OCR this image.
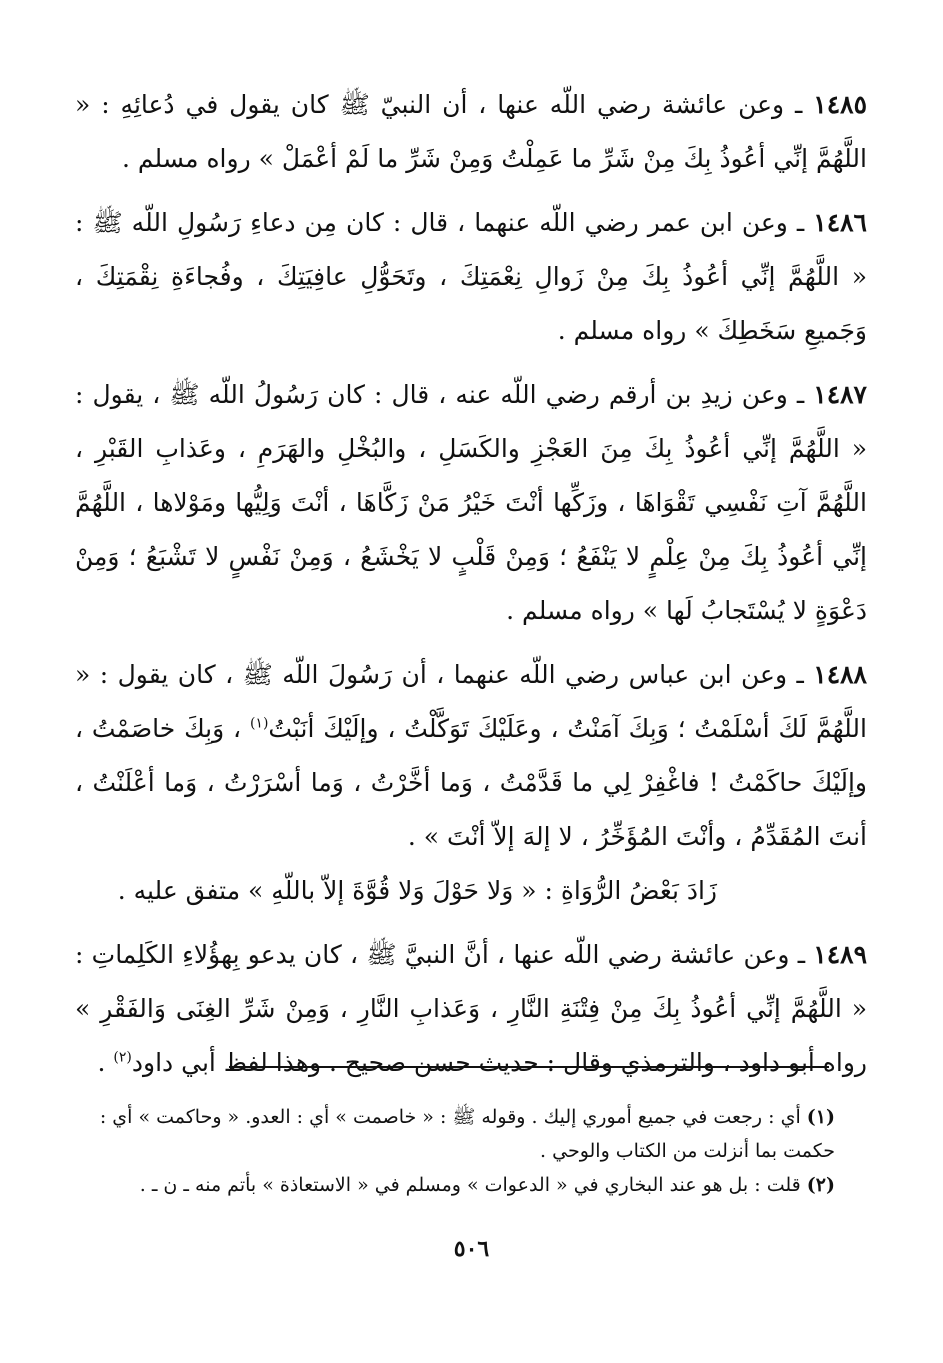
١٤٨٥ ـ وعن عائشة رضي اللّه عنها ، أن النبيّ ﷺ كان يقول في دُعائِهِ : « اللَّهُمَّ إنِّي أعُوذُ بِكَ مِنْ شَرِّ ما عَمِلْتُ وَمِنْ شَرِّ ما لَمْ أعْمَلْ » رواه مسلم .

١٤٨٦ ـ وعن ابن عمر رضي اللّه عنهما ، قال : كان مِن دعاءِ رَسُولِ اللّه ﷺ : « اللَّهُمَّ إنِّي أعُوذُ بِكَ مِنْ زَوالِ نِعْمَتِكَ ، وتَحَوُّلِ عافِيَتِكَ ، وفُجاءَةِ نِقْمَتِكَ ، وَجَميعِ سَخَطِكَ » رواه مسلم .

١٤٨٧ ـ وعن زيدِ بن أرقم رضي اللّه عنه ، قال : كان رَسُولُ اللّه ﷺ ، يقول : « اللَّهُمَّ إنِّي أعُوذُ بِكَ مِنَ العَجْزِ والكَسَلِ ، والبُخْلِ والهَرَمِ ، وعَذابِ القَبْرِ ، اللَّهُمَّ آتِ نَفْسِي تَقْوَاهَا ، وزَكِّها أنْتَ خَيْرُ مَنْ زَكَّاهَا ، أنْتَ وَلِيُّها ومَوْلاها ، اللَّهُمَّ إنِّي أعُوذُ بِكَ مِنْ عِلْمٍ لا يَنْفَعُ ؛ وَمِنْ قَلْبٍ لا يَخْشَعُ ، وَمِنْ نَفْسٍ لا تَشْبَعُ ؛ وَمِنْ دَعْوَةٍ لا يُسْتَجابُ لَها » رواه مسلم .

١٤٨٨ ـ وعن ابن عباس رضي اللّه عنهما ، أن رَسُولَ اللّه ﷺ ، كان يقول : « اللَّهُمَّ لَكَ أسْلَمْتُ ؛ وَبِكَ آمَنْتُ ، وعَلَيْكَ تَوَكَّلْتُ ، وإلَيْكَ أنَبْتُ$^{(١)}$ ، وَبِكَ خاصَمْتُ ، وإلَيْكَ حاكَمْتُ ! فاغْفِرْ لِي ما قَدَّمْتُ ، وَما أخَّرْتُ ، وَما أسْرَرْتُ ، وَما أعْلَنْتُ ، أنتَ المُقَدِّمُ ، وأنْتَ المُؤَخِّرُ ، لا إلهَ إلاّ أنْتَ » .

زَادَ بَعْضُ الرُّوَاةِ : « وَلا حَوْلَ وَلا قُوَّةَ إلاّ باللّهِ » متفق عليه .

١٤٨٩ ـ وعن عائشة رضي اللّه عنها ، أنَّ النبيَّ ﷺ ، كان يدعو بِهؤُلاءِ الكَلِماتِ : « اللَّهُمَّ إنِّي أعُوذُ بِكَ مِنْ فِتْنَةِ النَّارِ ، وَعَذابِ النَّارِ ، وَمِنْ شَرِّ الغِنَى وَالفَقْرِ » رواه أبو داود ، والترمذي وقال : حديث حسن صحيح . وهذا لفظ أبي داود$^{(٢)}$ .

(١) أي : رجعت في جميع أموري إليك . وقوله ﷺ : « خاصمت » أي : العدو. « وحاكمت » أي : حكمت بما أنزلت من الكتاب والوحي .

(٢) قلت : بل هو عند البخاري في « الدعوات » ومسلم في « الاستعاذة » بأتم منه ـ ن ـ .

٥٠٦
